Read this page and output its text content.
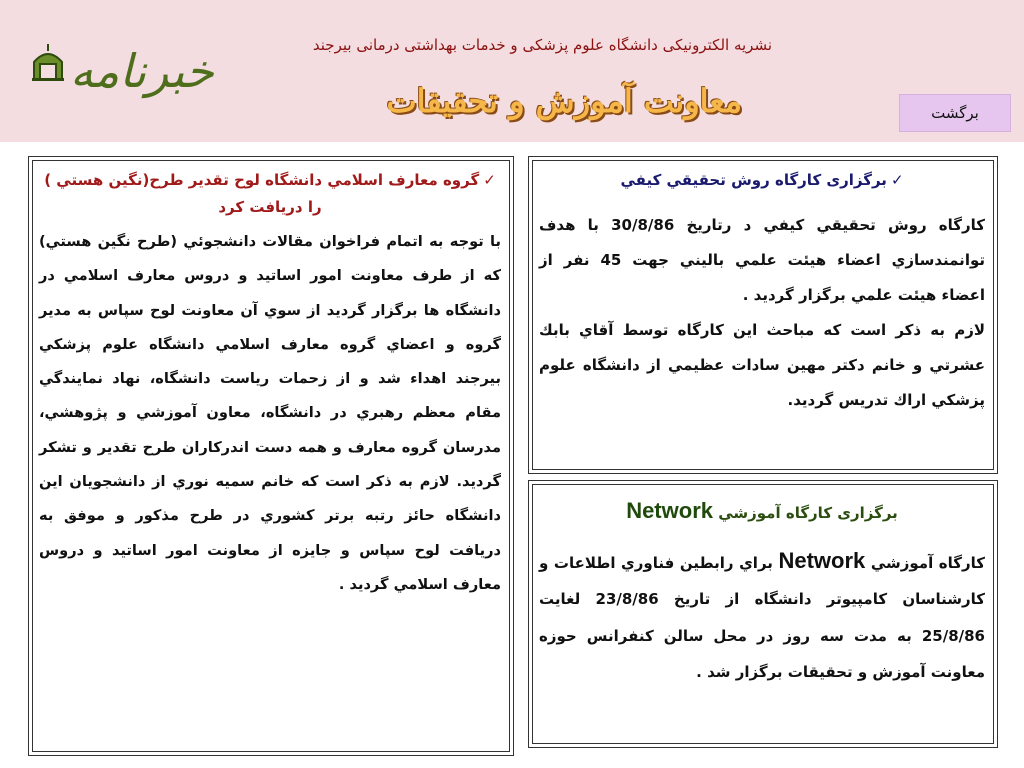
خبرنامه	نشریه الکترونیکی دانشگاه علوم پزشکی و خدمات بهداشتی درمانی بیرجند
معاونت آموزش و تحقیقات	برگشت
✓گروه معارف اسلامي دانشگاه لوح تقدير طرح(نگين هستي ) را دريافت كرد
با توجه به اتمام فراخوان مقالات دانشجوئي (طرح نگين هستي) كه از طرف معاونت امور اساتيد و دروس معارف اسلامي در دانشگاه ها برگزار گرديد از سوي آن معاونت لوح سپاس به مدير گروه و اعضاي گروه معارف اسلامي دانشگاه علوم پزشكي بيرجند اهداء شد و از زحمات رياست دانشگاه، نهاد نمايندگي مقام معظم رهبري در دانشگاه، معاون آموزشي و پژوهشي، مدرسان گروه معارف و همه دست اندركاران طرح تقدير و تشكر گرديد. لازم به ذكر است كه خانم سميه نوري از دانشجويان اين دانشگاه حائز رتبه برتر كشوري در طرح مذكور و موفق به دريافت لوح سپاس و جايزه از معاونت امور اساتيد و دروس معارف اسلامي گرديد .
✓برگزاری كارگاه روش تحقيقي كيفي
كارگاه روش تحقيقي كيفي د رتاريخ 30/8/86 با هدف توانمندسازي اعضاء هيئت علمي باليني جهت 45 نفر از اعضاء هيئت علمي برگزار گرديد .
لازم به ذكر است كه مباحث اين كارگاه توسط آقاي بابك عشرتي و خانم دكتر مهين سادات عظيمي از دانشگاه علوم پزشكي اراك تدريس گرديد.
برگزاری كارگاه آموزشي Network
كارگاه آموزشي Network براي رابطين فناوري اطلاعات و كارشناسان كامپيوتر دانشگاه از تاريخ 23/8/86 لغايت 25/8/86 به مدت سه روز در محل سالن كنفرانس حوزه معاونت آموزش و تحقيقات برگزار شد .
